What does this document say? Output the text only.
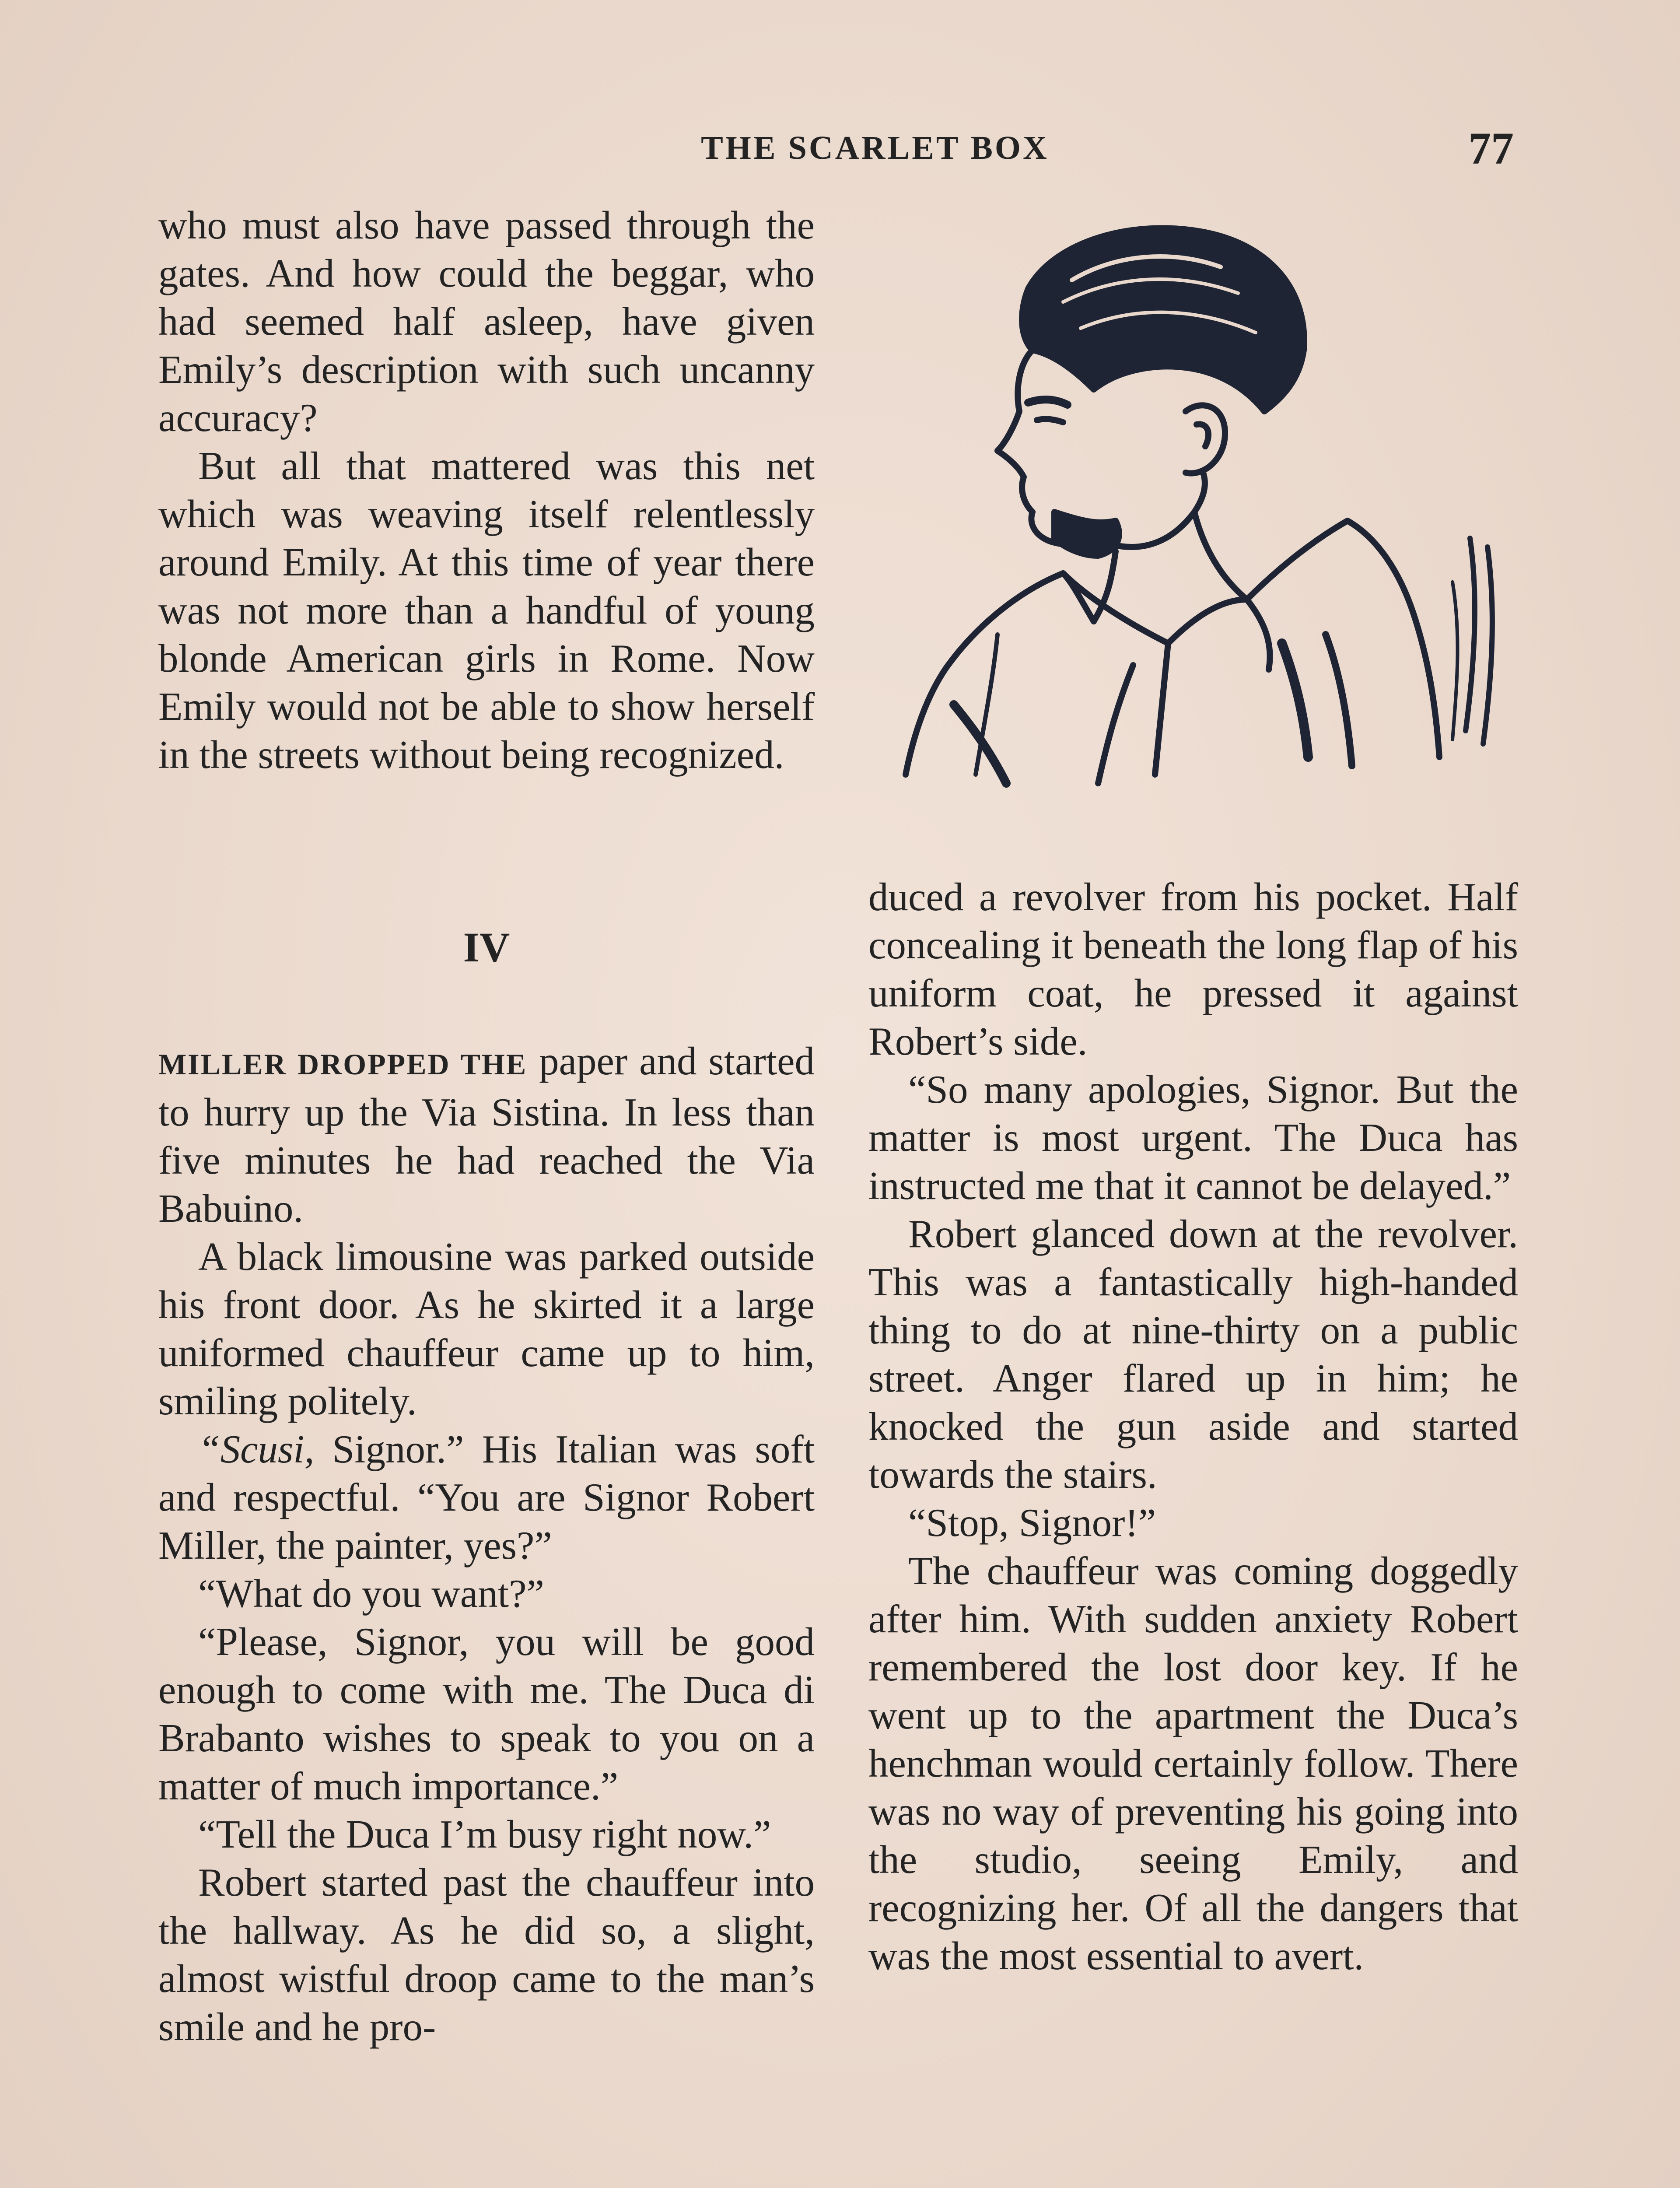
THE SCARLET BOX	77

who must also have passed through the gates. And how could the beggar, who had seemed half asleep, have given Emily’s description with such uncanny accuracy?

But all that mattered was this net which was weaving itself relentlessly around Emily. At this time of year there was not more than a handful of young blonde American girls in Rome. Now Emily would not be able to show herself in the streets without being recognized.

IV

MILLER DROPPED THE paper and started to hurry up the Via Sistina. In less than five minutes he had reached the Via Babuino.

A black limousine was parked outside his front door. As he skirted it a large uniformed chauffeur came up to him, smiling politely.

“Scusi, Signor.” His Italian was soft and respectful. “You are Signor Robert Miller, the painter, yes?”

“What do you want?”

“Please, Signor, you will be good enough to come with me. The Duca di Brabanto wishes to speak to you on a matter of much importance.”

“Tell the Duca I’m busy right now.”

Robert started past the chauffeur into the hallway. As he did so, a slight, almost wistful droop came to the man’s smile and he pro-

duced a revolver from his pocket. Half concealing it beneath the long flap of his uniform coat, he pressed it against Robert’s side.

“So many apologies, Signor. But the matter is most urgent. The Duca has instructed me that it cannot be delayed.”

Robert glanced down at the revolver. This was a fantastically high-handed thing to do at nine-thirty on a public street. Anger flared up in him; he knocked the gun aside and started towards the stairs.

“Stop, Signor!”

The chauffeur was coming doggedly after him. With sudden anxiety Robert remembered the lost door key. If he went up to the apartment the Duca’s henchman would certainly follow. There was no way of preventing his going into the studio, seeing Emily, and recognizing her. Of all the dangers that was the most essential to avert.
